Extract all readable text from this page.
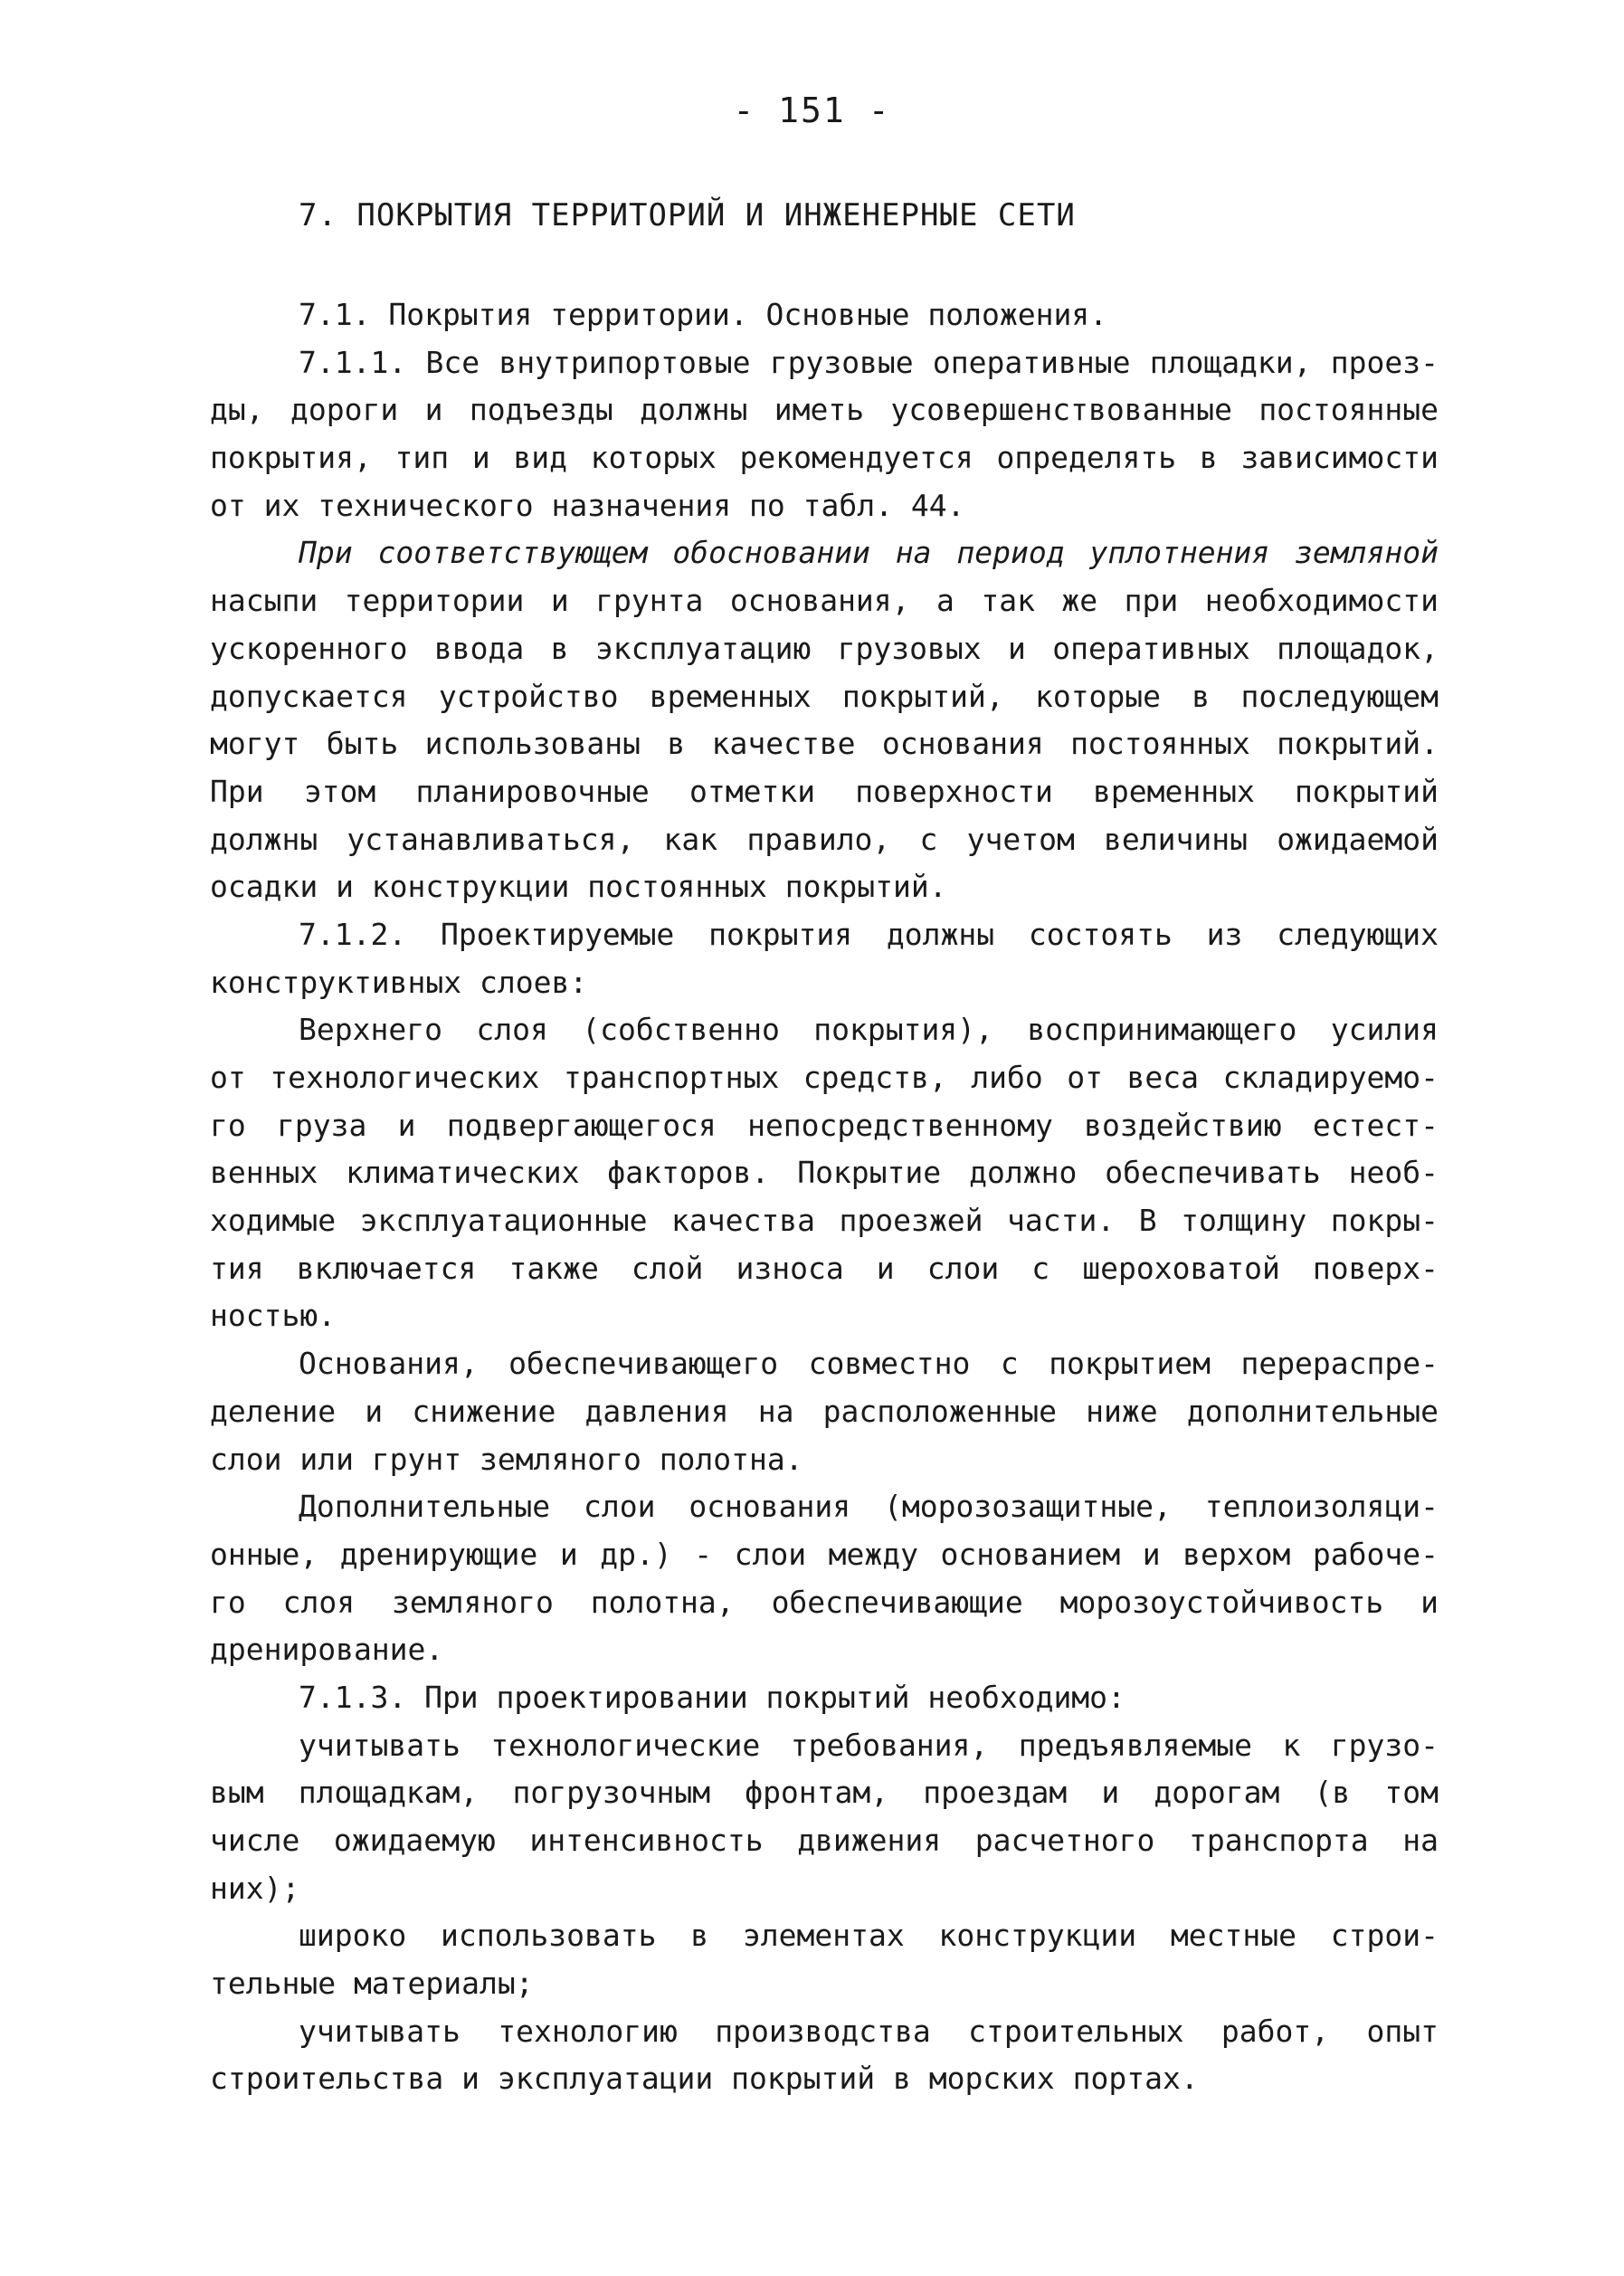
- 151 -
7. ПОКРЫТИЯ ТЕРРИТОРИЙ И ИНЖЕНЕРНЫЕ СЕТИ
7.1. Покрытия территории. Основные положения.
7.1.1. Все внутрипортовые грузовые оперативные площадки, проез-
ды, дороги и подъезды должны иметь усовершенствованные постоянные
покрытия, тип и вид которых рекомендуется определять в зависимости
от их технического назначения по табл. 44.
При соответствующем обосновании на период уплотнения земляной
насыпи территории и грунта основания, а так же при необходимости
ускоренного ввода в эксплуатацию грузовых и оперативных площадок,
допускается устройство временных покрытий, которые в последующем
могут быть использованы в качестве основания постоянных покрытий.
При этом планировочные отметки поверхности временных покрытий
должны устанавливаться, как правило, с учетом величины ожидаемой
осадки и конструкции постоянных покрытий.
7.1.2. Проектируемые покрытия должны состоять из следующих
конструктивных слоев:
Верхнего слоя (собственно покрытия), воспринимающего усилия
от технологических транспортных средств, либо от веса складируемо-
го груза и подвергающегося непосредственному воздействию естест-
венных климатических факторов. Покрытие должно обеспечивать необ-
ходимые эксплуатационные качества проезжей части. В толщину покры-
тия включается также слой износа и слои с шероховатой поверх-
ностью.
Основания, обеспечивающего совместно с покрытием перераспре-
деление и снижение давления на расположенные ниже дополнительные
слои или грунт земляного полотна.
Дополнительные слои основания (морозозащитные, теплоизоляци-
онные, дренирующие и др.) - слои между основанием и верхом рабоче-
го слоя земляного полотна, обеспечивающие морозоустойчивость и
дренирование.
7.1.3. При проектировании покрытий необходимо:
учитывать технологические требования, предъявляемые к грузо-
вым площадкам, погрузочным фронтам, проездам и дорогам (в том
числе ожидаемую интенсивность движения расчетного транспорта на
них);
широко использовать в элементах конструкции местные строи-
тельные материалы;
учитывать технологию производства строительных работ, опыт
строительства и эксплуатации покрытий в морских портах.
